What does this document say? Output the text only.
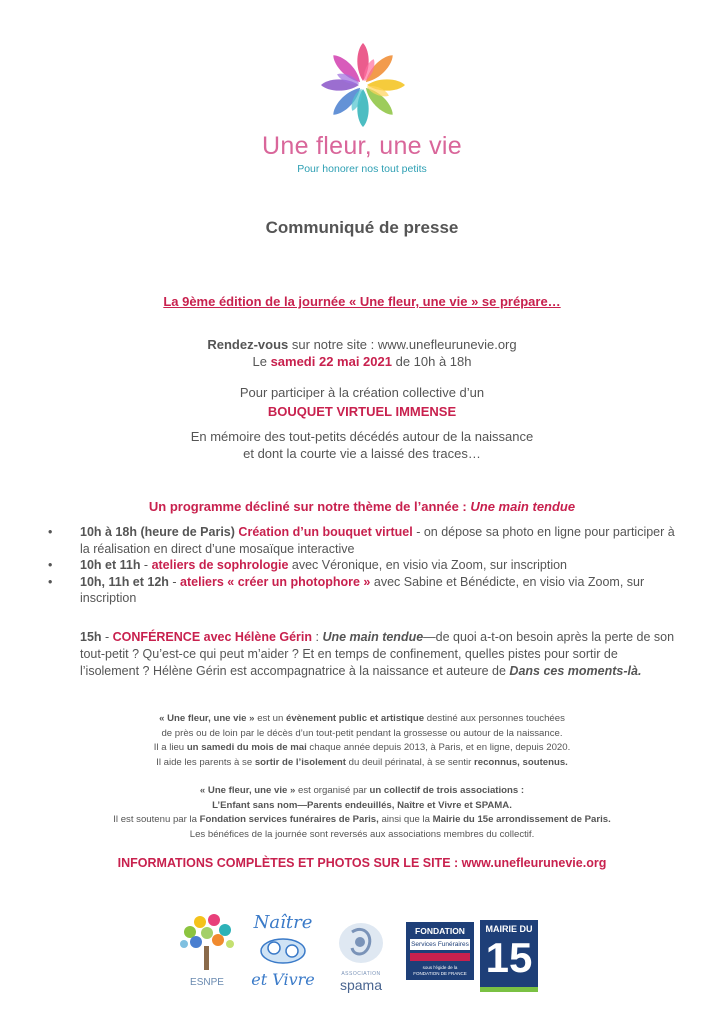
Une fleur, une vie
Pour honorer nos tout petits
Communiqué de presse
La 9ème édition de la journée « Une fleur, une vie » se prépare…
Rendez-vous sur notre site : www.unefleurunevie.org
Le samedi 22 mai 2021 de 10h à 18h
Pour participer à la création collective d’un
BOUQUET VIRTUEL IMMENSE
En mémoire des tout-petits décédés autour de la naissance
et dont la courte vie a laissé des traces…
Un programme décliné sur notre thème de l’année : Une main tendue
• 10h à 18h (heure de Paris) Création d’un bouquet virtuel - on dépose sa photo en ligne pour participer à la réalisation en direct d’une mosaïque interactive
• 10h et 11h - ateliers de sophrologie avec Véronique, en visio via Zoom, sur inscription
• 10h, 11h et 12h - ateliers « créer un photophore » avec Sabine et Bénédicte, en visio via Zoom, sur inscription
15h - CONFÉRENCE avec Hélène Gérin : Une main tendue—de quoi a-t-on besoin après la perte de son tout-petit ? Qu’est-ce qui peut m’aider ? Et en temps de confinement, quelles pistes pour sortir de l’isolement ? Hélène Gérin est accompagnatrice à la naissance et auteure de Dans ces moments-là.
« Une fleur, une vie » est un évènement public et artistique destiné aux personnes touchées
de près ou de loin par le décès d’un tout-petit pendant la grossesse ou autour de la naissance.
Il a lieu un samedi du mois de mai chaque année depuis 2013, à Paris, et en ligne, depuis 2020.
Il aide les parents à se sortir de l’isolement du deuil périnatal, à se sentir reconnus, soutenus.
« Une fleur, une vie » est organisé par un collectif de trois associations :
L’Enfant sans nom—Parents endeuillés, Naître et Vivre et SPAMA.
Il est soutenu par la Fondation services funéraires de Paris, ainsi que la Mairie du 15e arrondissement de Paris.
Les bénéfices de la journée sont reversés aux associations membres du collectif.
INFORMATIONS COMPLÈTES ET PHOTOS SUR LE SITE : www.unefleurunevie.org
ESNPE
Naître
et Vivre	ASSOCIATION
spama
FONDATION
Services Funéraires
sous l’égide de la FONDATION DE FRANCE
MAIRIE DU
15
